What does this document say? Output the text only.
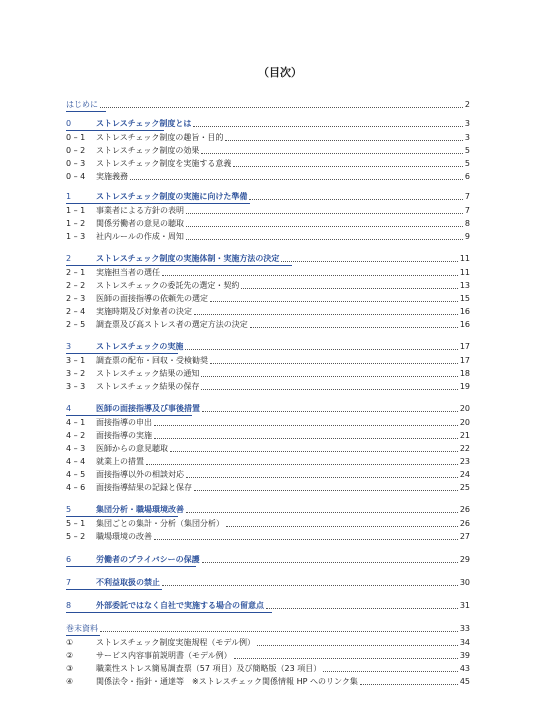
（目次）
はじめに	2
0	ストレスチェック制度とは	3
0 – 1	ストレスチェック制度の趣旨・目的	3
0 – 2	ストレスチェック制度の効果	5
0 – 3	ストレスチェック制度を実施する意義	5
0 – 4	実施義務	6
1	ストレスチェック制度の実施に向けた準備	7
1 – 1	事業者による方針の表明	7
1 – 2	関係労働者の意見の聴取	8
1 – 3	社内ルールの作成・周知	9
2	ストレスチェック制度の実施体制・実施方法の決定	11
2 – 1	実施担当者の選任	11
2 – 2	ストレスチェックの委託先の選定・契約	13
2 – 3	医師の面接指導の依頼先の選定	15
2 – 4	実施時期及び対象者の決定	16
2 – 5	調査票及び高ストレス者の選定方法の決定	16
3	ストレスチェックの実施	17
3 – 1	調査票の配布・回収・受検勧奨	17
3 – 2	ストレスチェック結果の通知	18
3 – 3	ストレスチェック結果の保存	19
4	医師の面接指導及び事後措置	20
4 – 1	面接指導の申出	20
4 – 2	面接指導の実施	21
4 – 3	医師からの意見聴取	22
4 – 4	就業上の措置	23
4 – 5	面接指導以外の相談対応	24
4 – 6	面接指導結果の記録と保存	25
5	集団分析・職場環境改善	26
5 – 1	集団ごとの集計・分析（集団分析）	26
5 – 2	職場環境の改善	27
6	労働者のプライバシーの保護	29
7	不利益取扱の禁止	30
8	外部委託ではなく自社で実施する場合の留意点	31
巻末資料	33
①	ストレスチェック制度実施規程（モデル例）	34
②	サービス内容事前説明書（モデル例）	39
③	職業性ストレス簡易調査票（57 項目）及び簡略版（23 項目）	43
④	関係法令・指針・通達等　※ストレスチェック関係情報 HP へのリンク集	45
